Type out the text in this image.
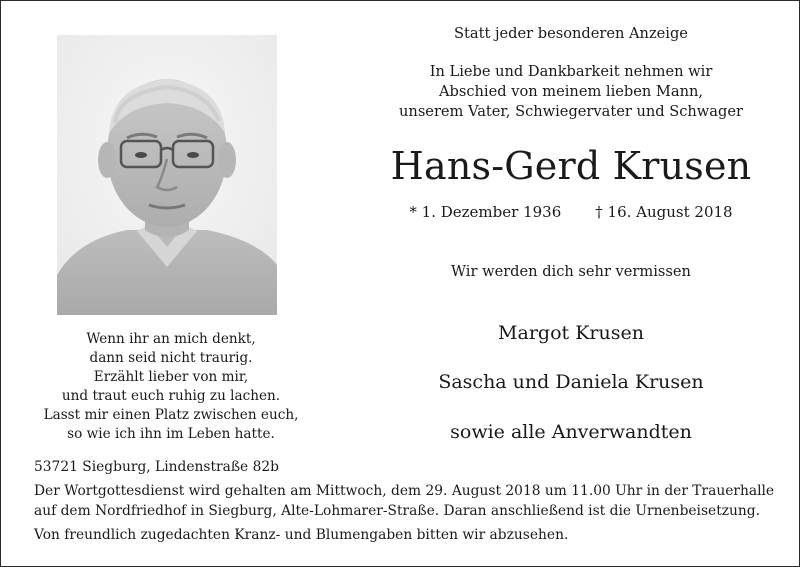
Wenn ihr an mich denkt,
dann seid nicht traurig.
Erzählt lieber von mir,
und traut euch ruhig zu lachen.
Lasst mir einen Platz zwischen euch,
so wie ich ihn im Leben hatte.
Statt jeder besonderen Anzeige
In Liebe und Dankbarkeit nehmen wir
Abschied von meinem lieben Mann,
unserem Vater, Schwiegervater und Schwager
Hans-Gerd Krusen
* 1. Dezember 1936 † 16. August 2018
Wir werden dich sehr vermissen
Margot Krusen
Sascha und Daniela Krusen
sowie alle Anverwandten
53721 Siegburg, Lindenstraße 82b
Der Wortgottesdienst wird gehalten am Mittwoch, dem 29. August 2018 um 11.00 Uhr in der Trauerhalle
auf dem Nordfriedhof in Siegburg, Alte-Lohmarer-Straße. Daran anschließend ist die Urnenbeisetzung.
Von freundlich zugedachten Kranz- und Blumengaben bitten wir abzusehen.
